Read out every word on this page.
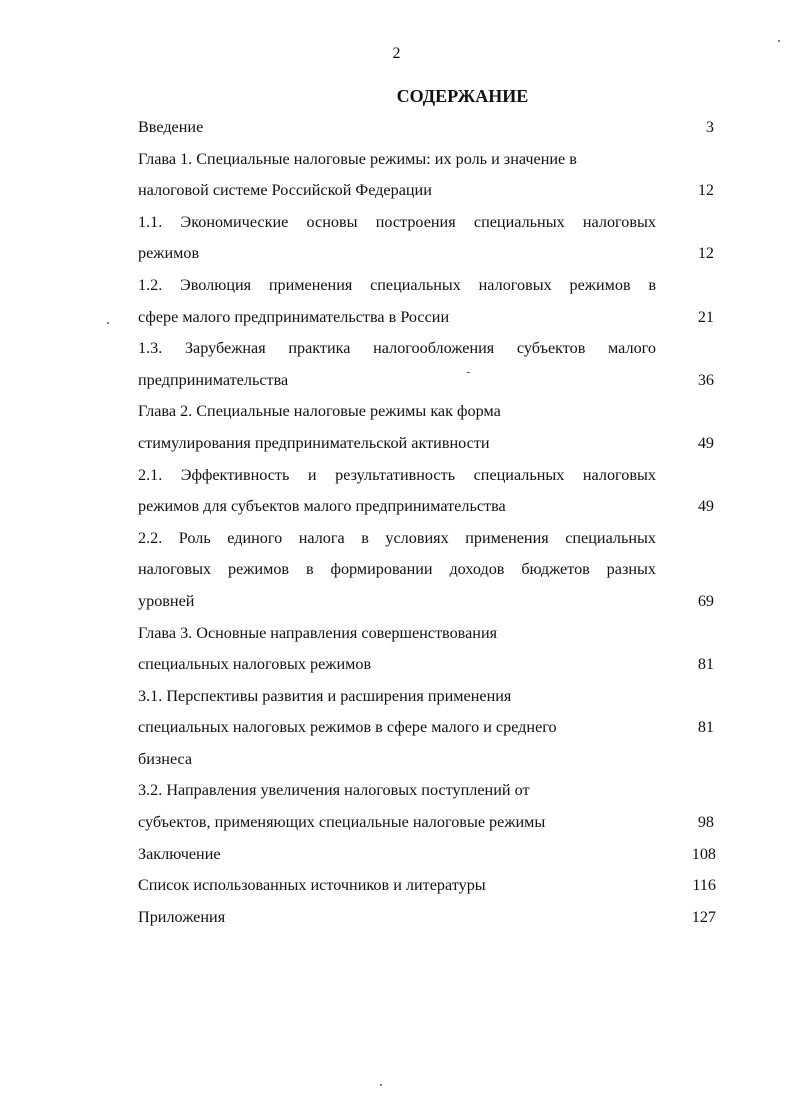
2
СОДЕРЖАНИЕ
Введение	3
Глава 1. Специальные налоговые режимы: их роль и значение в
налоговой системе Российской Федерации	12
1.1. Экономические основы построения специальных налоговых
режимов	12
1.2. Эволюция применения специальных налоговых режимов в
сфере малого предпринимательства в России	21
1.3. Зарубежная практика налогообложения субъектов малого
предпринимательства	36
Глава 2. Специальные налоговые режимы как форма
стимулирования предпринимательской активности	49
2.1. Эффективность и результативность специальных налоговых
режимов для субъектов малого предпринимательства	49
2.2. Роль единого налога в условиях применения специальных
налоговых режимов в формировании доходов бюджетов разных
уровней	69
Глава 3. Основные направления совершенствования
специальных налоговых режимов	81
3.1. Перспективы развития и расширения применения
специальных налоговых режимов в сфере малого и среднего	81
бизнеса
3.2. Направления увеличения налоговых поступлений от
субъектов, применяющих специальные налоговые режимы	98
Заключение	108
Список использованных источников и литературы	116
Приложения	127
